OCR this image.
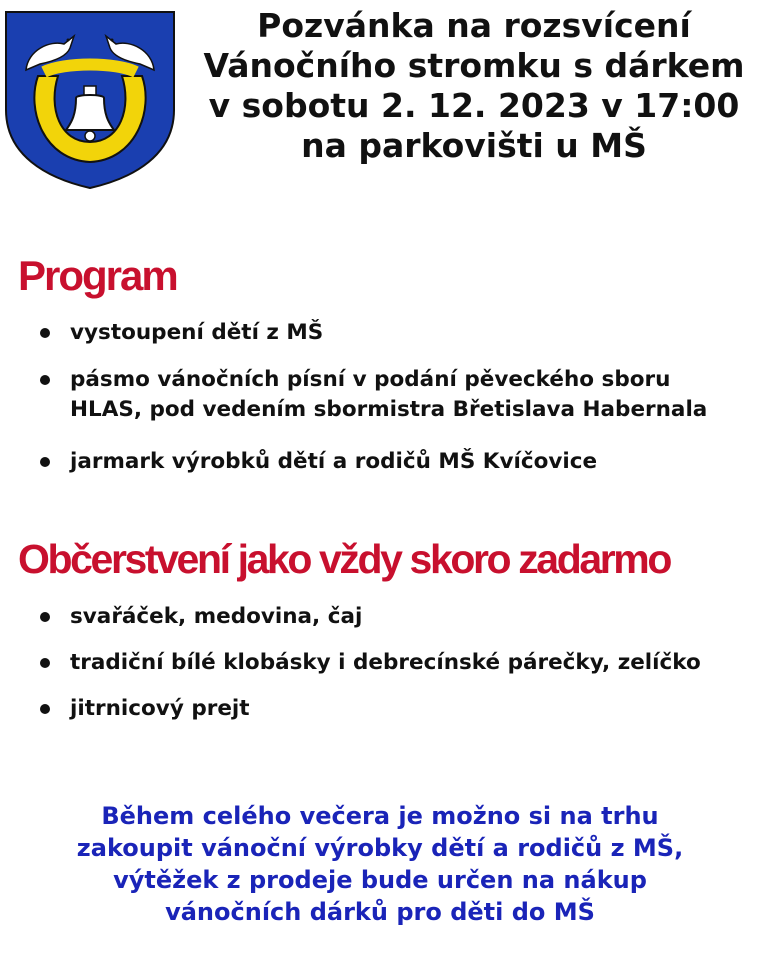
Pozvánka na rozsvícení
Vánočního stromku s dárkem
v sobotu 2. 12. 2023 v 17:00
na parkovišti u MŠ
Program
vystoupení dětí z MŠ
pásmo vánočních písní v podání pěveckého sboru
HLAS, pod vedením sbormistra Břetislava Habernala
jarmark výrobků dětí a rodičů MŠ Kvíčovice
Občerstvení jako vždy skoro zadarmo
svařáček, medovina, čaj
tradiční bílé klobásky i debrecínské párečky, zelíčko
jitrnicový prejt
Během celého večera je možno si na trhu
zakoupit vánoční výrobky dětí a rodičů z MŠ,
výtěžek z prodeje bude určen na nákup
vánočních dárků pro děti do MŠ
